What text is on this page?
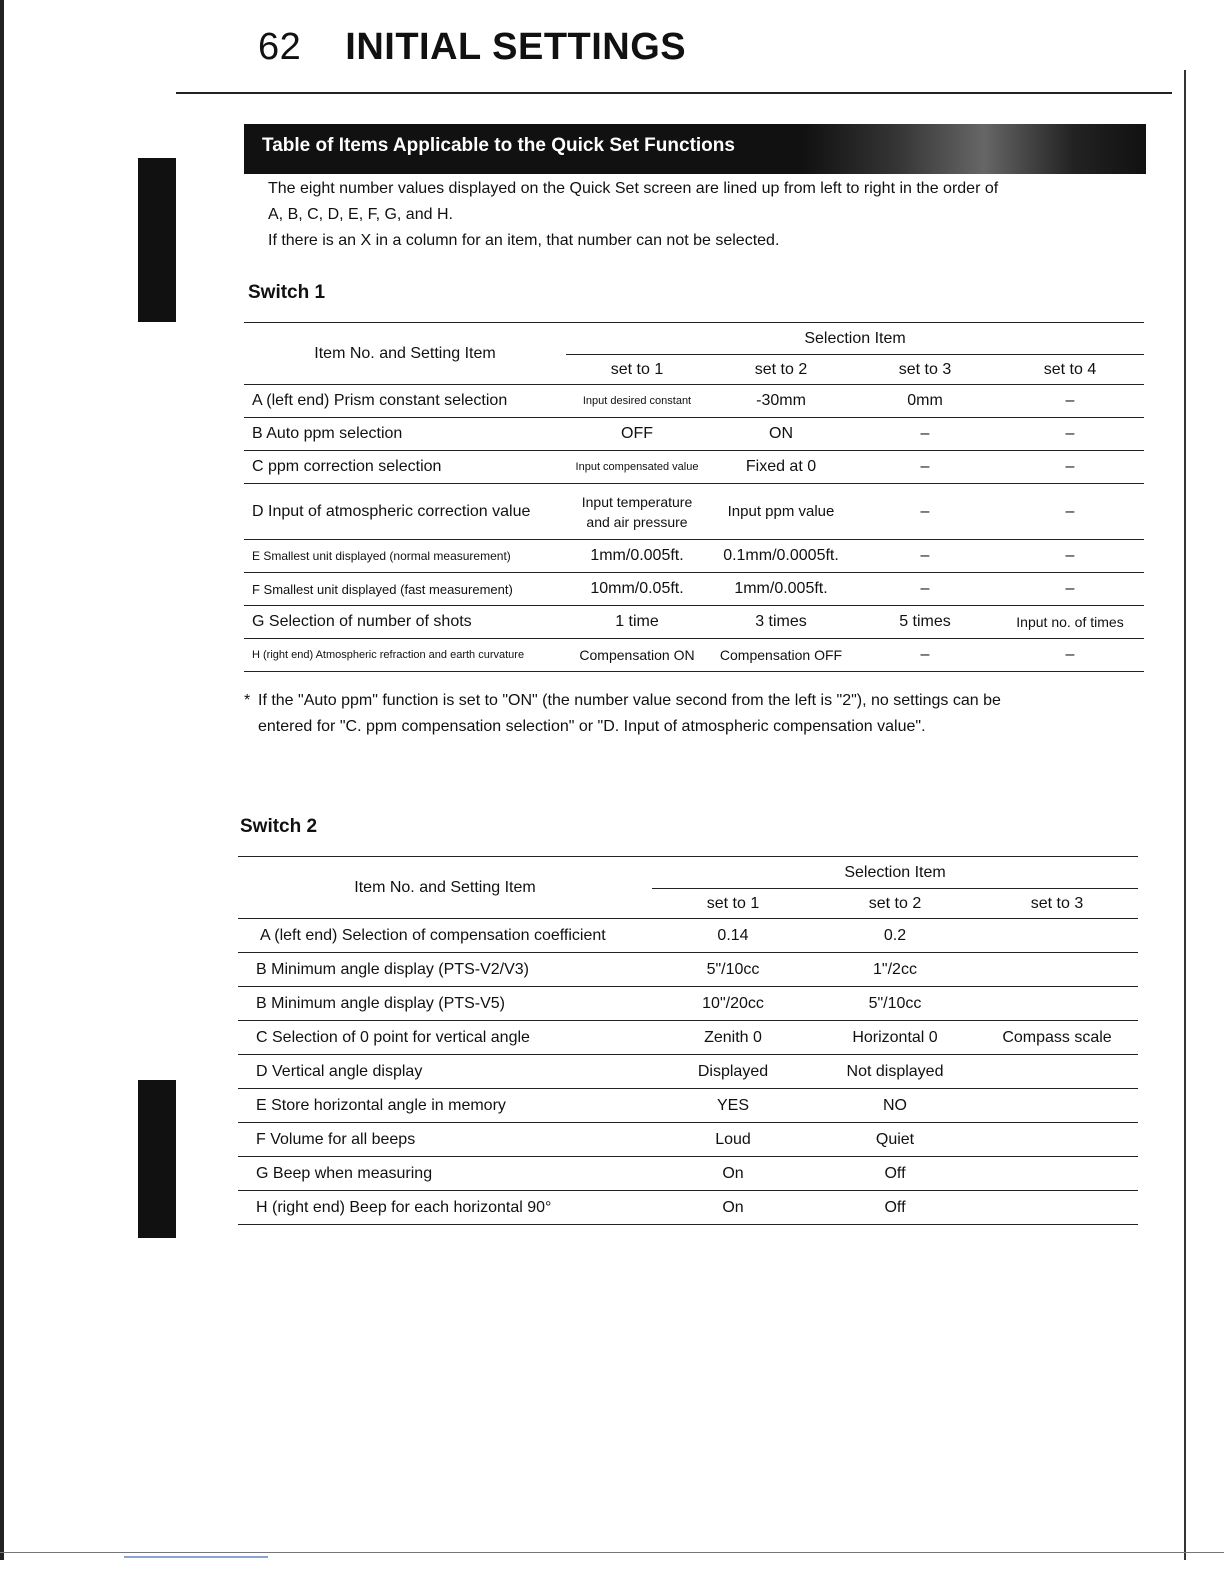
62 INITIAL SETTINGS
Table of Items Applicable to the Quick Set Functions

The eight number values displayed on the Quick Set screen are lined up from left to right in the order of

A, B, C, D, E, F, G, and H.

If there is an X in a column for an item, that number can not be selected.

Switch 1
Item No. and Setting Item	Selection Item			
	set to 1	set to 2	set to 3	set to 4
A (left end) Prism constant selection	Input desired constant	-30mm	0mm	–
B Auto ppm selection	OFF	ON	–	–
C ppm correction selection	Input compensated value	Fixed at 0	–	–
D Input of atmospheric correction value	Input temperature
and air pressure	Input ppm value	–	–
E Smallest unit displayed (normal measurement)	1mm/0.005ft.	0.1mm/0.0005ft.	–	–
F Smallest unit displayed (fast measurement)	10mm/0.05ft.	1mm/0.005ft.	–	–
G Selection of number of shots	1 time	3 times	5 times	Input no. of times
H (right end) Atmospheric refraction and earth curvature	Compensation ON	Compensation OFF	–	–
* If the "Auto ppm" function is set to "ON" (the number value second from the left is "2"), no settings can be
entered for "C. ppm compensation selection" or "D. Input of atmospheric compensation value".
Switch 2
Item No. and Setting Item	Selection Item		
	set to 1	set to 2	set to 3
A (left end) Selection of compensation coefficient	0.14	0.2	
B Minimum angle display (PTS-V2/V3)	5"/10cc	1"/2cc	
B Minimum angle display (PTS-V5)	10"/20cc	5"/10cc	
C Selection of 0 point for vertical angle	Zenith 0	Horizontal 0	Compass scale
D Vertical angle display	Displayed	Not displayed	
E Store horizontal angle in memory	YES	NO	
F Volume for all beeps	Loud	Quiet	
G Beep when measuring	On	Off	
H (right end) Beep for each horizontal 90°	On	Off	
